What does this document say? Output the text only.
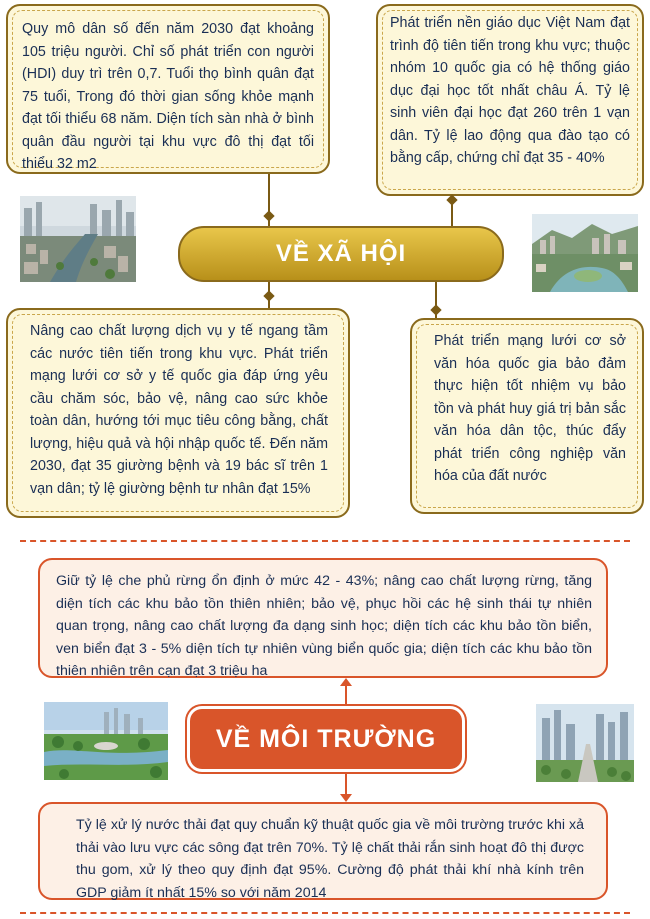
Quy mô dân số đến năm 2030 đạt khoảng 105 triệu người. Chỉ số phát triển con người (HDI) duy trì trên 0,7. Tuổi thọ bình quân đạt 75 tuổi, Trong đó thời gian sống khỏe mạnh đạt tối thiểu 68 năm. Diện tích sàn nhà ở bình quân đầu người tại khu vực đô thị đạt tối thiểu 32 m2
Phát triển nền giáo dục Việt Nam đạt trình độ tiên tiến trong khu vực; thuộc nhóm 10 quốc gia có hệ thống giáo dục đại học tốt nhất châu Á. Tỷ lệ sinh viên đại học đạt 260 trên 1 vạn dân. Tỷ lệ lao động qua đào tạo có bằng cấp, chứng chỉ đạt 35 - 40%
VỀ XÃ HỘI
Nâng cao chất lượng dịch vụ y tế ngang tầm các nước tiên tiến trong khu vực. Phát triển mạng lưới cơ sở y tế quốc gia đáp ứng yêu cầu chăm sóc, bảo vệ, nâng cao sức khỏe toàn dân, hướng tới mục tiêu công bằng, chất lượng, hiệu quả và hội nhập quốc tế. Đến năm 2030, đạt 35 giường bệnh và 19 bác sĩ trên 1 vạn dân; tỷ lệ giường bệnh tư nhân đạt 15%
Phát triển mạng lưới cơ sở văn hóa quốc gia bảo đảm thực hiện tốt nhiệm vụ bảo tồn và phát huy giá trị bản sắc văn hóa dân tộc, thúc đẩy phát triển công nghiệp văn hóa của đất nước
Giữ tỷ lệ che phủ rừng ổn định ở mức 42 - 43%; nâng cao chất lượng rừng, tăng diện tích các khu bảo tồn thiên nhiên; bảo vệ, phục hồi các hệ sinh thái tự nhiên quan trọng, nâng cao chất lượng đa dạng sinh học; diện tích các khu bảo tồn biển, ven biển đạt 3 - 5% diện tích tự nhiên vùng biển quốc gia; diện tích các khu bảo tồn thiên nhiên trên cạn đạt 3 triệu ha
VỀ MÔI TRƯỜNG
Tỷ lệ xử lý nước thải đạt quy chuẩn kỹ thuật quốc gia về môi trường trước khi xả thải vào lưu vực các sông đạt trên 70%. Tỷ lệ chất thải rắn sinh hoạt đô thị được thu gom, xử lý theo quy định đạt 95%. Cường độ phát thải khí nhà kính trên GDP giảm ít nhất 15% so với năm 2014
